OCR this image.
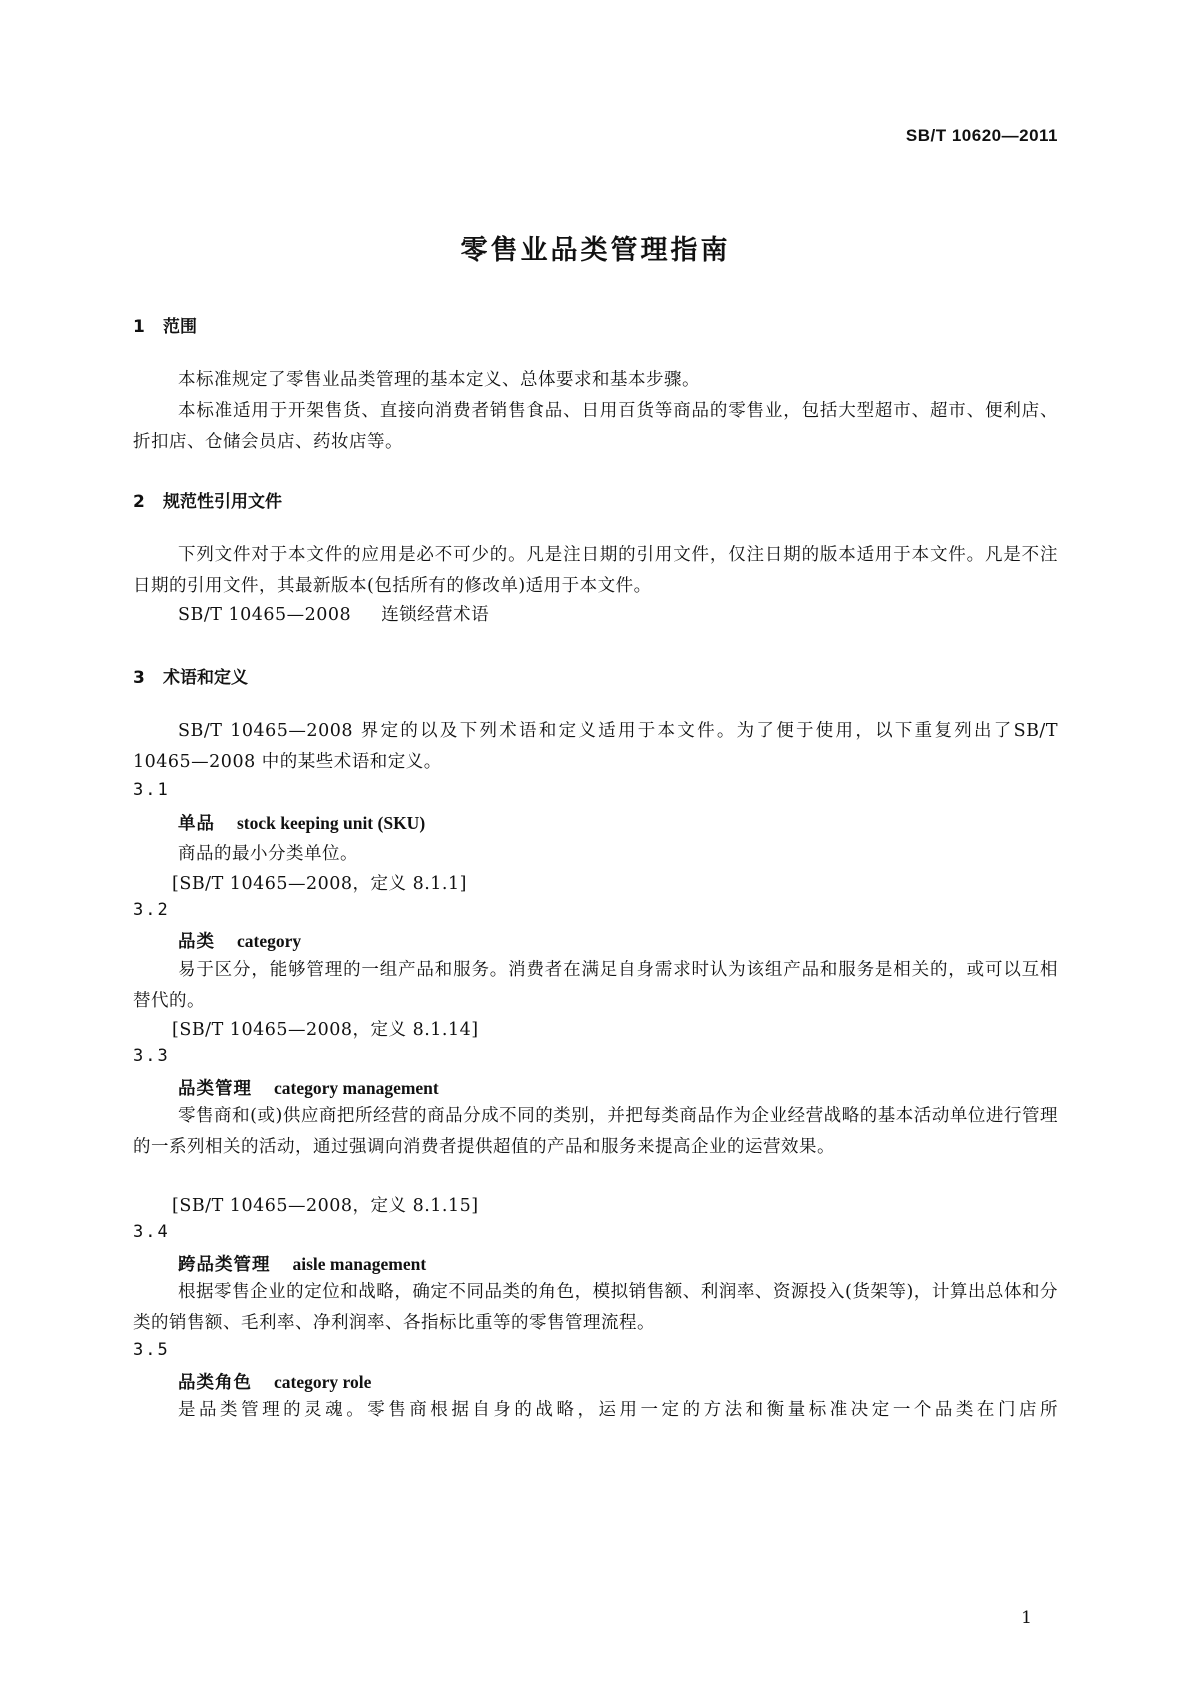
SB/T 10620—2011
零售业品类管理指南
1 范围
本标准规定了零售业品类管理的基本定义、总体要求和基本步骤。
本标准适用于开架售货、直接向消费者销售食品、日用百货等商品的零售业，包括大型超市、超市、便利店、折扣店、仓储会员店、药妆店等。
2 规范性引用文件
下列文件对于本文件的应用是必不可少的。凡是注日期的引用文件，仅注日期的版本适用于本文件。凡是不注日期的引用文件，其最新版本(包括所有的修改单)适用于本文件。
SB/T 10465—2008 连锁经营术语
3 术语和定义
SB/T 10465—2008 界定的以及下列术语和定义适用于本文件。为了便于使用，以下重复列出了SB/T 10465—2008 中的某些术语和定义。
3.1
单品 stock keeping unit (SKU)
商品的最小分类单位。
[SB/T 10465—2008，定义 8.1.1]
3.2
品类 category
易于区分，能够管理的一组产品和服务。消费者在满足自身需求时认为该组产品和服务是相关的，或可以互相替代的。
[SB/T 10465—2008，定义 8.1.14]
3.3
品类管理 category management
零售商和(或)供应商把所经营的商品分成不同的类别，并把每类商品作为企业经营战略的基本活动单位进行管理的一系列相关的活动，通过强调向消费者提供超值的产品和服务来提高企业的运营效果。
[SB/T 10465—2008，定义 8.1.15]
3.4
跨品类管理 aisle management
根据零售企业的定位和战略，确定不同品类的角色，模拟销售额、利润率、资源投入(货架等)，计算出总体和分类的销售额、毛利率、净利润率、各指标比重等的零售管理流程。
3.5
品类角色 category role
是品类管理的灵魂。零售商根据自身的战略，运用一定的方法和衡量标准决定一个品类在门店所
1
